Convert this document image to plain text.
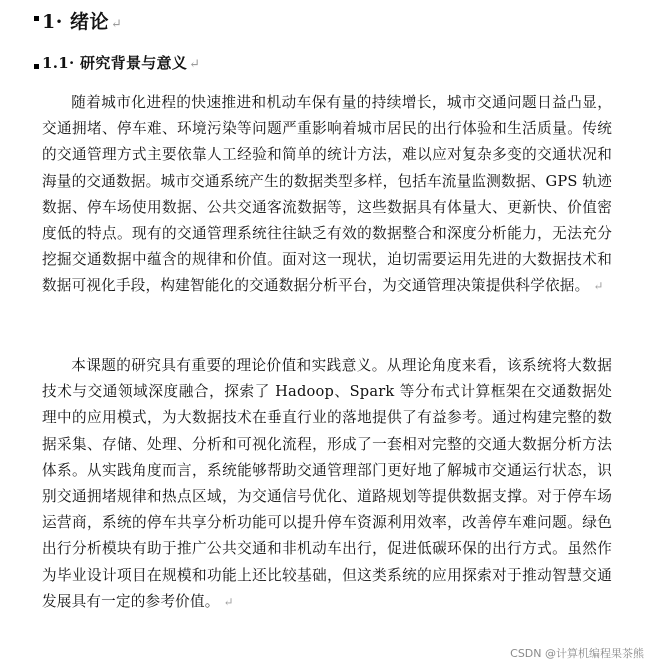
1· 绪论 ↵
1.1· 研究背景与意义 ↵
随着城市化进程的快速推进和机动车保有量的持续增长，城市交通问题日益凸显，交通拥堵、停车难、环境污染等问题严重影响着城市居民的出行体验和生活质量。传统的交通管理方式主要依靠人工经验和简单的统计方法，难以应对复杂多变的交通状况和海量的交通数据。城市交通系统产生的数据类型多样，包括车流量监测数据、GPS 轨迹数据、停车场使用数据、公共交通客流数据等，这些数据具有体量大、更新快、价值密度低的特点。现有的交通管理系统往往缺乏有效的数据整合和深度分析能力，无法充分挖掘交通数据中蕴含的规律和价值。面对这一现状，迫切需要运用先进的大数据技术和数据可视化手段，构建智能化的交通数据分析平台，为交通管理决策提供科学依据。 ↵
本课题的研究具有重要的理论价值和实践意义。从理论角度来看，该系统将大数据技术与交通领域深度融合，探索了 Hadoop、Spark 等分布式计算框架在交通数据处理中的应用模式，为大数据技术在垂直行业的落地提供了有益参考。通过构建完整的数据采集、存储、处理、分析和可视化流程，形成了一套相对完整的交通大数据分析方法体系。从实践角度而言，系统能够帮助交通管理部门更好地了解城市交通运行状态，识别交通拥堵规律和热点区域，为交通信号优化、道路规划等提供数据支撑。对于停车场运营商，系统的停车共享分析功能可以提升停车资源利用效率，改善停车难问题。绿色出行分析模块有助于推广公共交通和非机动车出行，促进低碳环保的出行方式。虽然作为毕业设计项目在规模和功能上还比较基础，但这类系统的应用探索对于推动智慧交通发展具有一定的参考价值。 ↵
CSDN @计算机编程果茶熊
